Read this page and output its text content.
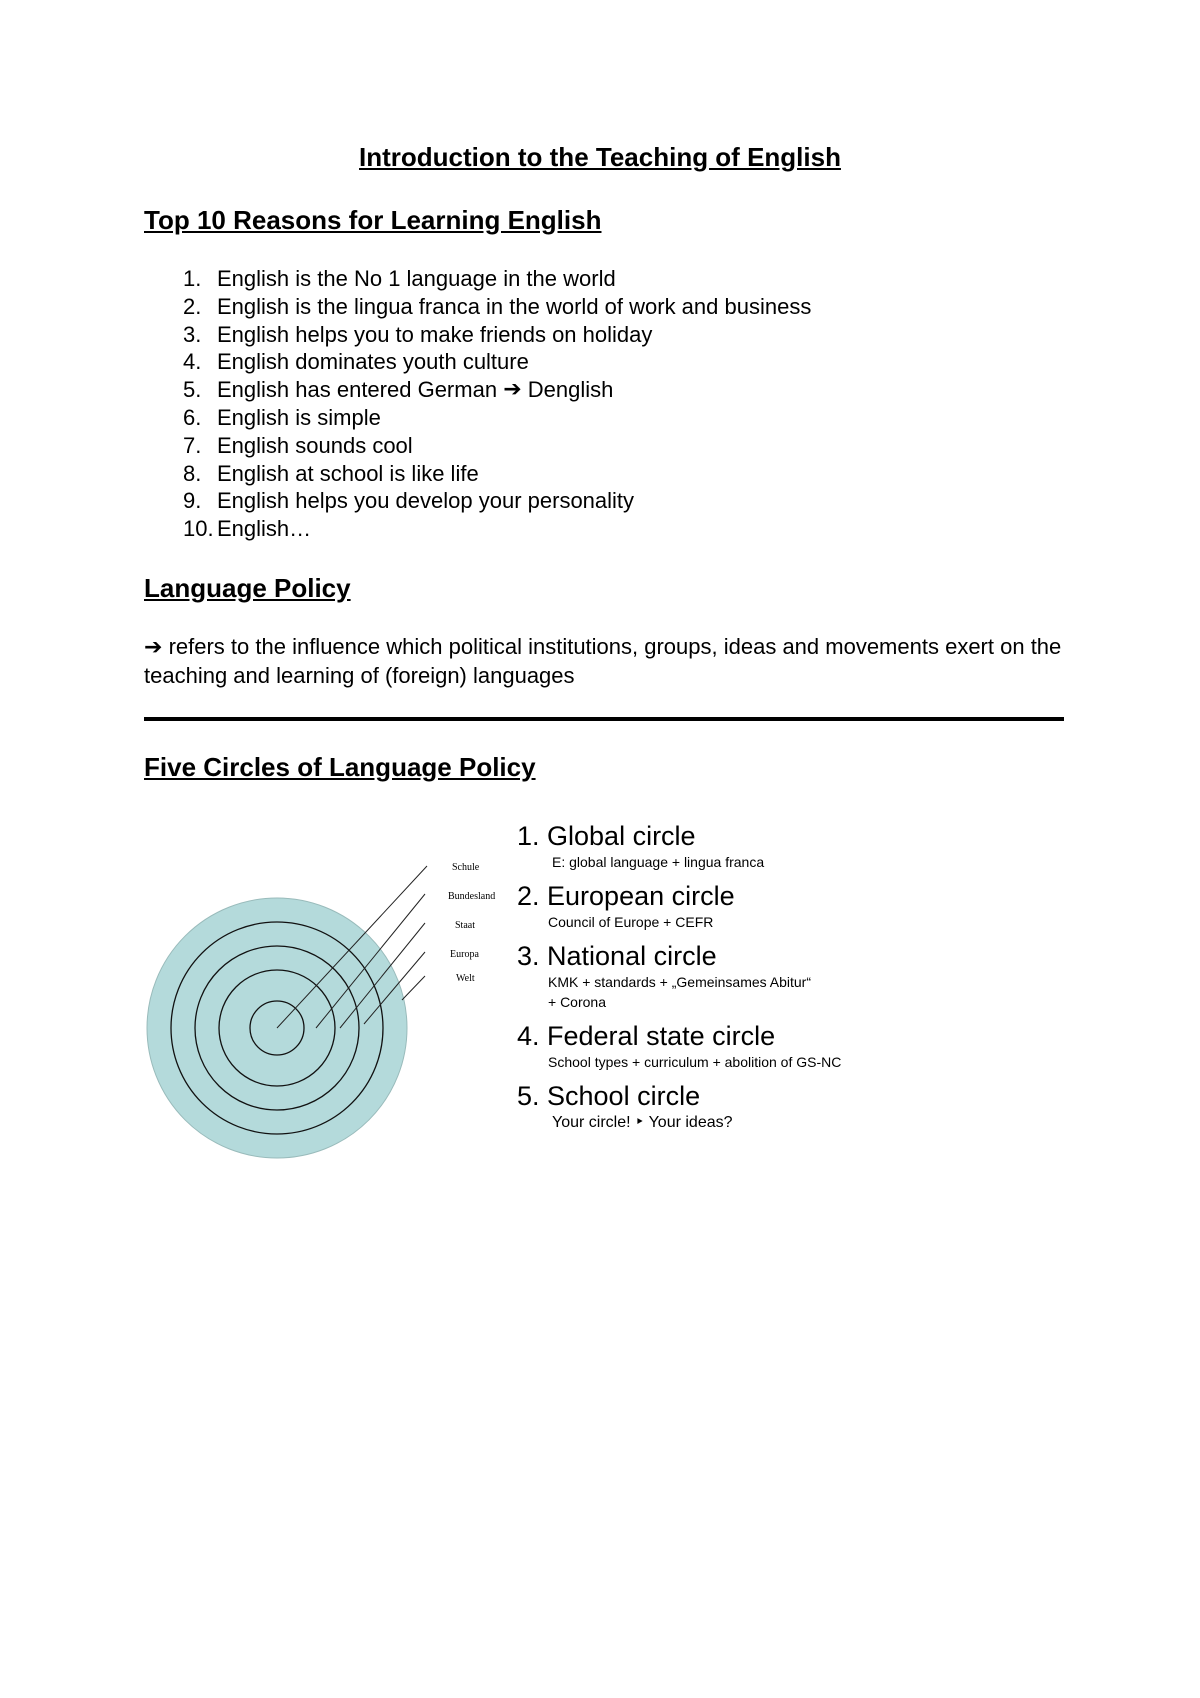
Introduction to the Teaching of English
Top 10 Reasons for Learning English
1. English is the No 1 language in the world
2. English is the lingua franca in the world of work and business
3. English helps you to make friends on holiday
4. English dominates youth culture
5. English has entered German
➔
Denglish
6. English is simple
7. English sounds cool
8. English at school is like life
9. English helps you develop your personality
10. English…
Language Policy
➔ refers to the influence which political institutions, groups, ideas and movements exert on the teaching and learning of (foreign) languages
Five Circles of Language Policy
Schule
Bundesland
Staat
Europa
Welt
1. Global circle
E: global language + lingua franca
2. European circle
Council of Europe + CEFR
3. National circle
KMK + standards + „Gemeinsames Abitur“
+ Corona
4. Federal state circle
School types + curriculum + abolition of GS-NC
5. School circle
Your circle! ‣ Your ideas?
